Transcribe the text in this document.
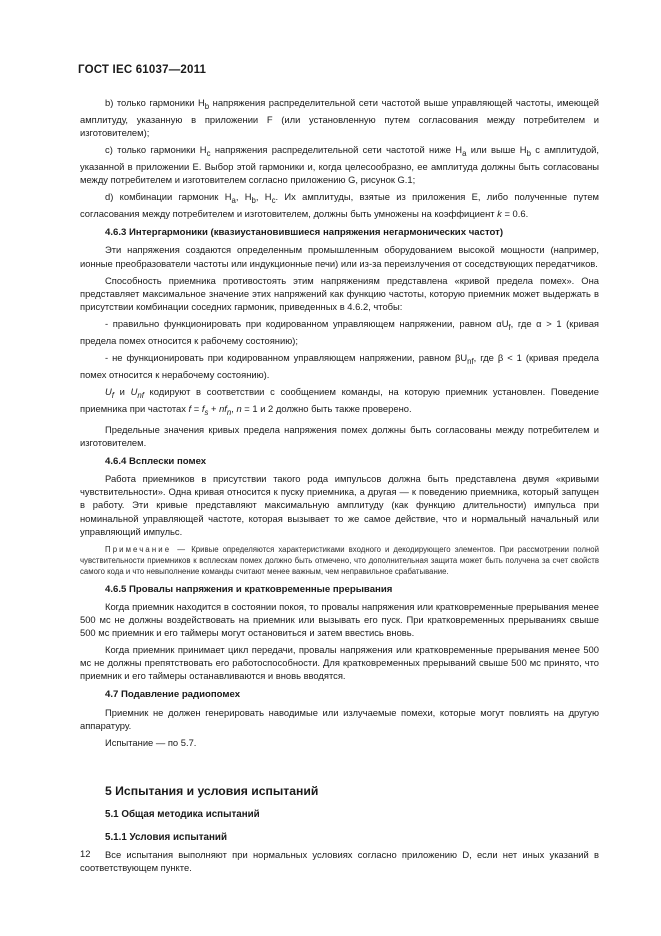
ГОСТ IEC 61037—2011

b) только гармоники $H_b$ напряжения распределительной сети частотой выше управляющей частоты, имеющей амплитуду, указанную в приложении F (или установленную путем согласования между потребителем и изготовителем);

c) только гармоники $H_c$ напряжения распределительной сети частотой ниже $H_a$ или выше $H_b$ с амплитудой, указанной в приложении E. Выбор этой гармоники и, когда целесообразно, ее амплитуда должны быть согласованы между потребителем и изготовителем согласно приложению G, рисунок G.1;

d) комбинации гармоник $H_a$, $H_b$, $H_c$. Их амплитуды, взятые из приложения E, либо полученные путем согласования между потребителем и изготовителем, должны быть умножены на коэффициент k = 0.6.

4.6.3 Интергармоники (квазиустановившиеся напряжения негармонических частот)

Эти напряжения создаются определенным промышленным оборудованием высокой мощности (например, ионные преобразователи частоты или индукционные печи) или из-за переизлучения от соседствующих передатчиков.

Способность приемника противостоять этим напряжениям представлена «кривой предела помех». Она представляет максимальное значение этих напряжений как функцию частоты, которую приемник может выдержать в присутствии комбинации соседних гармоник, приведенных в 4.6.2, чтобы:

- правильно функционировать при кодированном управляющем напряжении, равном $\alpha U_f$, где α > 1 (кривая предела помех относится к рабочему состоянию);

- не функционировать при кодированном управляющем напряжении, равном $\beta U_{nf}$, где β < 1 (кривая предела помех относится к нерабочему состоянию).

$U_f$ и $U_{nf}$ кодируют в соответствии с сообщением команды, на которую приемник установлен. Поведение приемника при частотах $f = f_s + nf_n$, n = 1 и 2 должно быть также проверено.

Предельные значения кривых предела напряжения помех должны быть согласованы между потребителем и изготовителем.

4.6.4 Всплески помех

Работа приемников в присутствии такого рода импульсов должна быть представлена двумя «кривыми чувствительности». Одна кривая относится к пуску приемника, а другая — к поведению приемника, который запущен в работу. Эти кривые представляют максимальную амплитуду (как функцию длительности) импульса при номинальной управляющей частоте, которая вызывает то же самое действие, что и нормальный начальный или управляющий импульс.

Примечание — Кривые определяются характеристиками входного и декодирующего элементов. При рассмотрении полной чувствительности приемников к всплескам помех должно быть отмечено, что дополнительная защита может быть получена за счет свойств самого кода и что невыполнение команды считают менее важным, чем неправильное срабатывание.

4.6.5 Провалы напряжения и кратковременные прерывания

Когда приемник находится в состоянии покоя, то провалы напряжения или кратковременные прерывания менее 500 мс не должны воздействовать на приемник или вызывать его пуск. При кратковременных прерываниях свыше 500 мс приемник и его таймеры могут остановиться и затем ввестись вновь.

Когда приемник принимает цикл передачи, провалы напряжения или кратковременные прерывания менее 500 мс не должны препятствовать его работоспособности. Для кратковременных прерываний свыше 500 мс принято, что приемник и его таймеры останавливаются и вновь вводятся.

4.7 Подавление радиопомех

Приемник не должен генерировать наводимые или излучаемые помехи, которые могут повлиять на другую аппаратуру.

Испытание — по 5.7.

5 Испытания и условия испытаний
5.1 Общая методика испытаний
5.1.1 Условия испытаний

Все испытания выполняют при нормальных условиях согласно приложению D, если нет иных указаний в соответствующем пункте.

12
